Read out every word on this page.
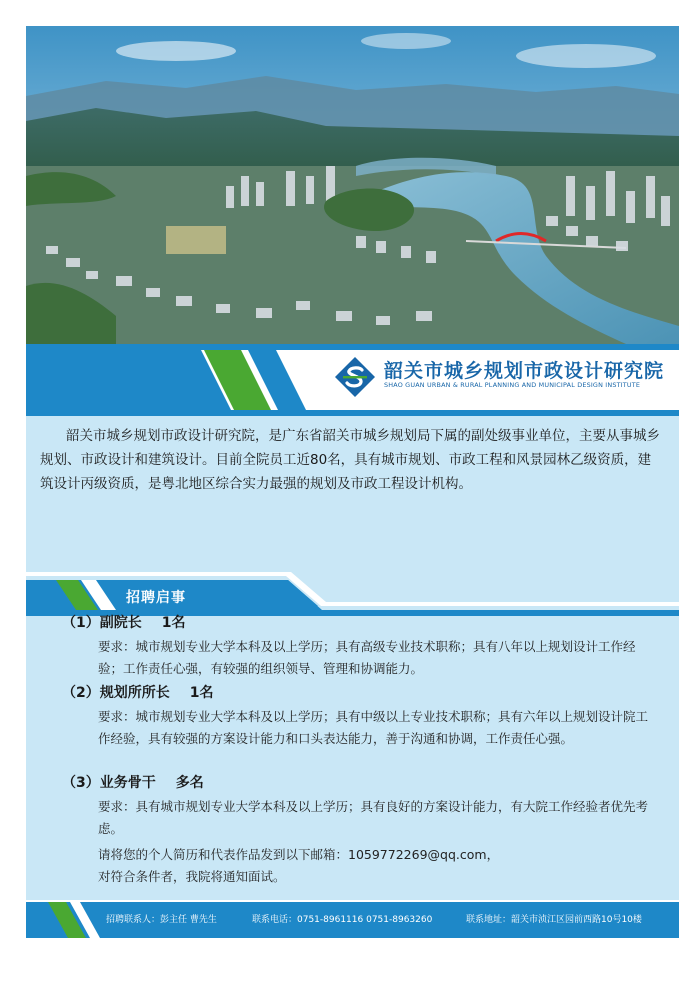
韶关市城乡规划市政设计研究院
SHAO GUAN URBAN & RURAL PLANNING AND MUNICIPAL DESIGN INSTITUTE

韶关市城乡规划市政设计研究院，是广东省韶关市城乡规划局下属的副处级事业单位，主要从事城乡规划、市政设计和建筑设计。目前全院员工近80名，具有城市规划、市政工程和风景园林乙级资质，建筑设计丙级资质，是粤北地区综合实力最强的规划及市政工程设计机构。

招聘启事

（1）副院长 1名

要求：城市规划专业大学本科及以上学历；具有高级专业技术职称；具有八年以上规划设计工作经验；工作责任心强，有较强的组织领导、管理和协调能力。

（2）规划所所长 1名

要求：城市规划专业大学本科及以上学历；具有中级以上专业技术职称；具有六年以上规划设计院工作经验，具有较强的方案设计能力和口头表达能力，善于沟通和协调，工作责任心强。

（3）业务骨干 多名

要求：具有城市规划专业大学本科及以上学历；具有良好的方案设计能力，有大院工作经验者优先考虑。

请将您的个人简历和代表作品发到以下邮箱：1059772269@qq.com，
对符合条件者，我院将通知面试。
招聘联系人：彭主任 曹先生	联系电话：0751-8961116 0751-8963260	联系地址：韶关市浈江区园前西路10号10楼
